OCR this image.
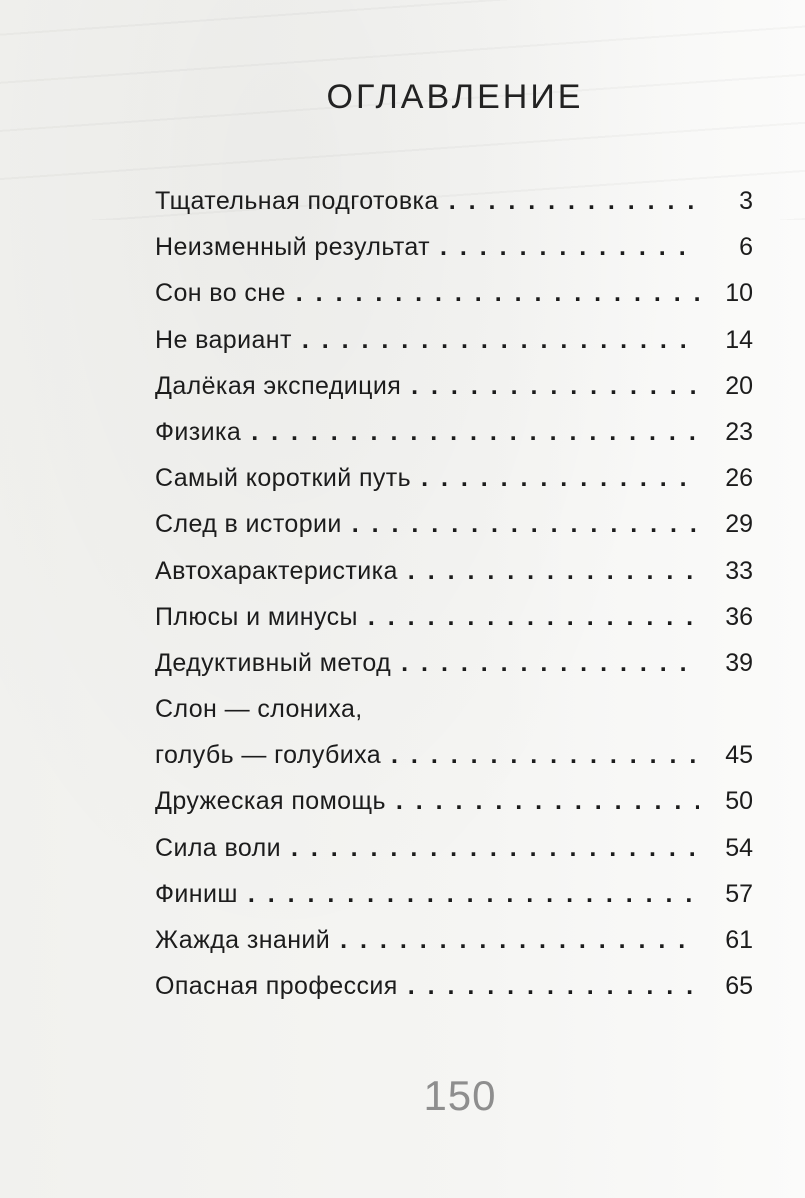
ОГЛАВЛЕНИЕ
Тщательная подготовка . . .	3
Неизменный результат . . .	6
Сон во сне . . .	10
Не вариант . . .	14
Далёкая экспедиция . . .	20
Физика . . .	23
Самый короткий путь . . .	26
След в истории . . .	29
Автохарактеристика . . .	33
Плюсы и минусы . . .	36
Дедуктивный метод . . .	39
Слон — слониха,
голубь — голубиха . . .	45
Дружеская помощь . . .	50
Сила воли . . .	54
Финиш . . .	57
Жажда знаний . . .	61
Опасная профессия . . .	65
150
